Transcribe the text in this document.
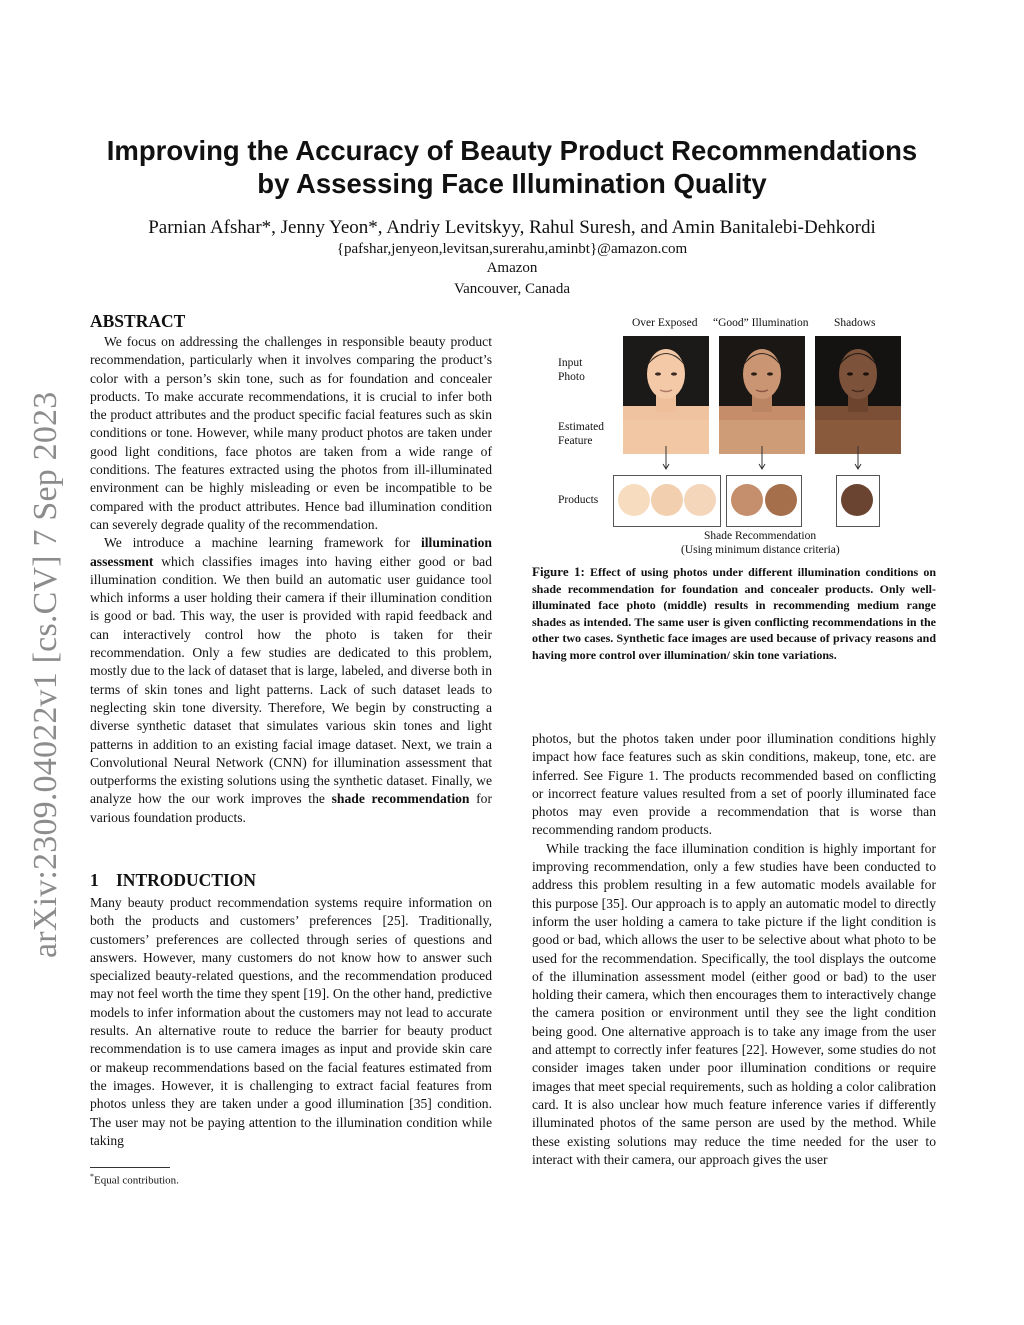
arXiv:2309.04022v1 [cs.CV] 7 Sep 2023
Improving the Accuracy of Beauty Product Recommendations
by Assessing Face Illumination Quality
Parnian Afshar*, Jenny Yeon*, Andriy Levitskyy, Rahul Suresh, and Amin Banitalebi-Dehkordi
{pafshar,jenyeon,levitsan,surerahu,aminbt}@amazon.com
Amazon
Vancouver, Canada
ABSTRACT

We focus on addressing the challenges in responsible beauty product recommendation, particularly when it involves comparing the product’s color with a person’s skin tone, such as for foundation and concealer products. To make accurate recommendations, it is crucial to infer both the product attributes and the product specific facial features such as skin conditions or tone. However, while many product photos are taken under good light conditions, face photos are taken from a wide range of conditions. The features extracted using the photos from ill-illuminated environment can be highly misleading or even be incompatible to be compared with the product attributes. Hence bad illumination condition can severely degrade quality of the recommendation.

We introduce a machine learning framework for illumination assessment which classifies images into having either good or bad illumination condition. We then build an automatic user guidance tool which informs a user holding their camera if their illumination condition is good or bad. This way, the user is provided with rapid feedback and can interactively control how the photo is taken for their recommendation. Only a few studies are dedicated to this problem, mostly due to the lack of dataset that is large, labeled, and diverse both in terms of skin tones and light patterns. Lack of such dataset leads to neglecting skin tone diversity. Therefore, We begin by constructing a diverse synthetic dataset that simulates various skin tones and light patterns in addition to an existing facial image dataset. Next, we train a Convolutional Neural Network (CNN) for illumination assessment that outperforms the existing solutions using the synthetic dataset. Finally, we analyze how the our work improves the shade recommendation for various foundation products.

1 INTRODUCTION

Many beauty product recommendation systems require information on both the products and customers’ preferences [25]. Traditionally, customers’ preferences are collected through series of questions and answers. However, many customers do not know how to answer such specialized beauty-related questions, and the recommendation produced may not feel worth the time they spent [19]. On the other hand, predictive models to infer information about the customers may not lead to accurate results. An alternative route to reduce the barrier for beauty product recommendation is to use camera images as input and provide skin care or makeup recommendations based on the facial features estimated from the images. However, it is challenging to extract facial features from photos unless they are taken under a good illumination [35] condition. The user may not be paying attention to the illumination condition while taking

*Equal contribution.
Over Exposed “Good” Illumination Shadows
Input
Photo
Estimated
Feature
Products
Shade Recommendation
(Using minimum distance criteria)
Figure 1: Effect of using photos under different illumination conditions on shade recommendation for foundation and concealer products. Only well-illuminated face photo (middle) results in recommending medium range shades as intended. The same user is given conflicting recommendations in the other two cases. Synthetic face images are used because of privacy reasons and having more control over illumination/ skin tone variations.

photos, but the photos taken under poor illumination conditions highly impact how face features such as skin conditions, makeup, tone, etc. are inferred. See Figure 1. The products recommended based on conflicting or incorrect feature values resulted from a set of poorly illuminated face photos may even provide a recommendation that is worse than recommending random products.

While tracking the face illumination condition is highly important for improving recommendation, only a few studies have been conducted to address this problem resulting in a few automatic models available for this purpose [35]. Our approach is to apply an automatic model to directly inform the user holding a camera to take picture if the light condition is good or bad, which allows the user to be selective about what photo to be used for the recommendation. Specifically, the tool displays the outcome of the illumination assessment model (either good or bad) to the user holding their camera, which then encourages them to interactively change the camera position or environment until they see the light condition being good. One alternative approach is to take any image from the user and attempt to correctly infer features [22]. However, some studies do not consider images taken under poor illumination conditions or require images that meet special requirements, such as holding a color calibration card. It is also unclear how much feature inference varies if differently illuminated photos of the same person are used by the method. While these existing solutions may reduce the time needed for the user to interact with their camera, our approach gives the user
